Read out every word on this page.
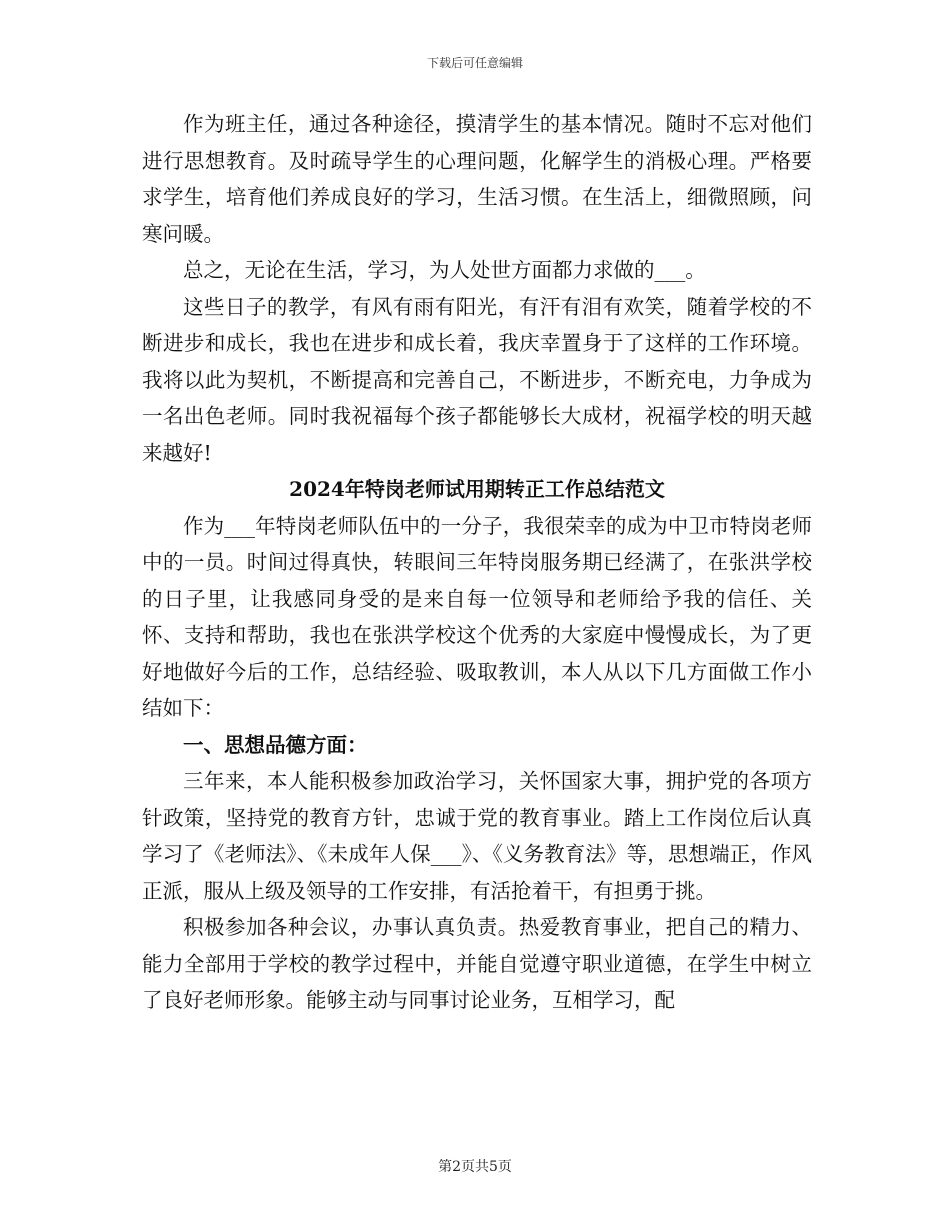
下载后可任意编辑

作为班主任，通过各种途径，摸清学生的基本情况。随时不忘对他们进行思想教育。及时疏导学生的心理问题，化解学生的消极心理。严格要求学生，培育他们养成良好的学习，生活习惯。在生活上，细微照顾，问寒问暖。

总之，无论在生活，学习，为人处世方面都力求做的___。

这些日子的教学，有风有雨有阳光，有汗有泪有欢笑，随着学校的不断进步和成长，我也在进步和成长着，我庆幸置身于了这样的工作环境。我将以此为契机，不断提高和完善自己，不断进步，不断充电，力争成为一名出色老师。同时我祝福每个孩子都能够长大成材，祝福学校的明天越来越好!

2024年特岗老师试用期转正工作总结范文

作为___年特岗老师队伍中的一分子，我很荣幸的成为中卫市特岗老师中的一员。时间过得真快，转眼间三年特岗服务期已经满了，在张洪学校的日子里，让我感同身受的是来自每一位领导和老师给予我的信任、关怀、支持和帮助，我也在张洪学校这个优秀的大家庭中慢慢成长，为了更好地做好今后的工作，总结经验、吸取教训，本人从以下几方面做工作小结如下：

一、思想品德方面：

三年来，本人能积极参加政治学习，关怀国家大事，拥护党的各项方针政策，坚持党的教育方针，忠诚于党的教育事业。踏上工作岗位后认真学习了《老师法》、《未成年人保___》、《义务教育法》等，思想端正，作风正派，服从上级及领导的工作安排，有活抢着干，有担勇于挑。

积极参加各种会议，办事认真负责。热爱教育事业，把自己的精力、能力全部用于学校的教学过程中，并能自觉遵守职业道德，在学生中树立了良好老师形象。能够主动与同事讨论业务，互相学习，配

第2页共5页
